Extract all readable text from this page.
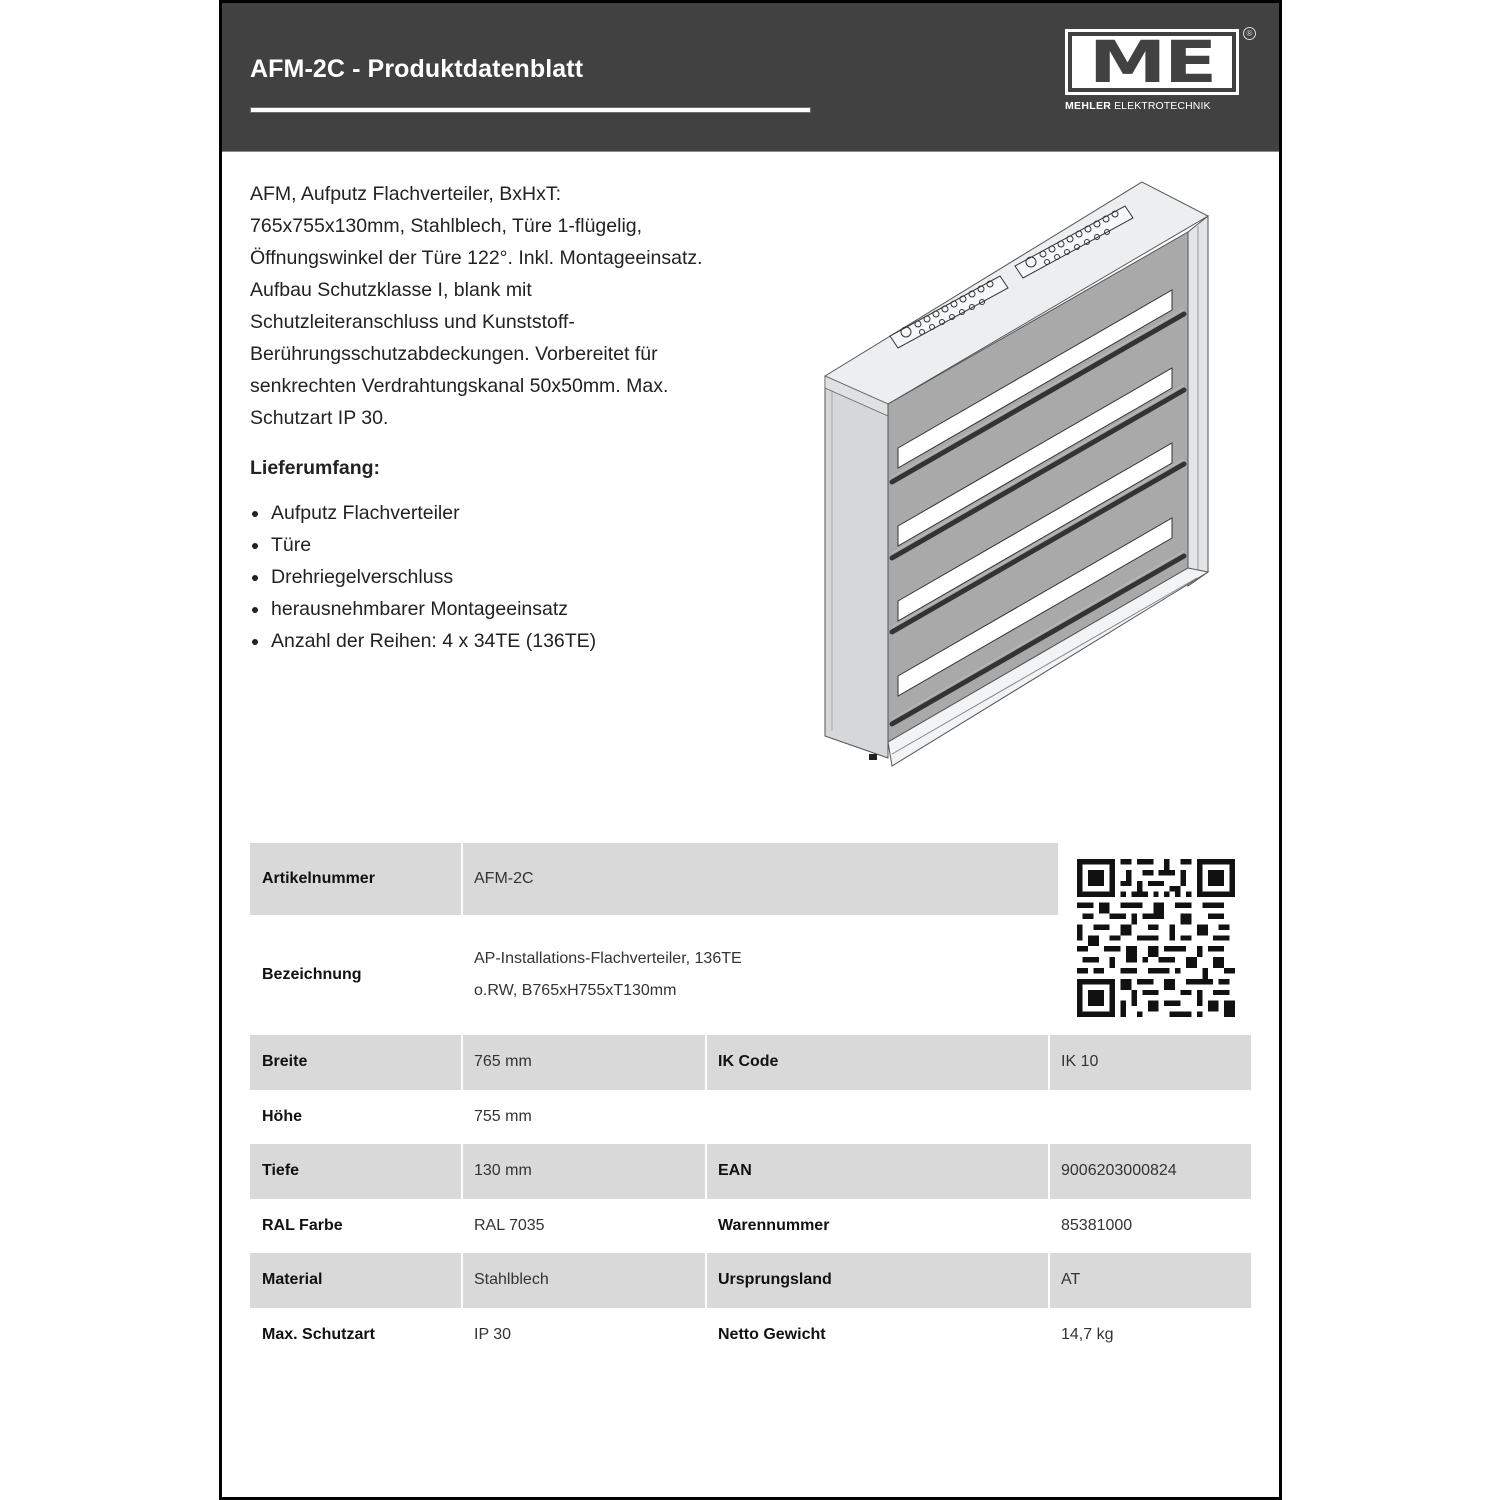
AFM-2C - Produktdatenblatt	ME	®
MEHLER ELEKTROTECHNIK
AFM, Aufputz Flachverteiler, BxHxT:
765x755x130mm, Stahlblech, Türe 1-flügelig,
Öffnungswinkel der Türe 122°. Inkl. Montageeinsatz.
Aufbau Schutzklasse I, blank mit
Schutzleiteranschluss und Kunststoff-
Berührungsschutzabdeckungen. Vorbereitet für
senkrechten Verdrahtungskanal 50x50mm. Max.
Schutzart IP 30.
Lieferumfang:
Aufputz Flachverteiler
Türe
Drehriegelverschluss
herausnehmbarer Montageeinsatz
Anzahl der Reihen: 4 x 34TE (136TE)
Artikelnummer	AFM-2C
Bezeichnung
AP-Installations-Flachverteiler, 136TE
o.RW, B765xH755xT130mm
Breite	765 mm	IK Code	IK 10
Höhe	755 mm
Tiefe	130 mm	EAN	9006203000824
RAL Farbe	RAL 7035	Warennummer	85381000
Material	Stahlblech	Ursprungsland	AT
Max. Schutzart	IP 30	Netto Gewicht	14,7 kg
